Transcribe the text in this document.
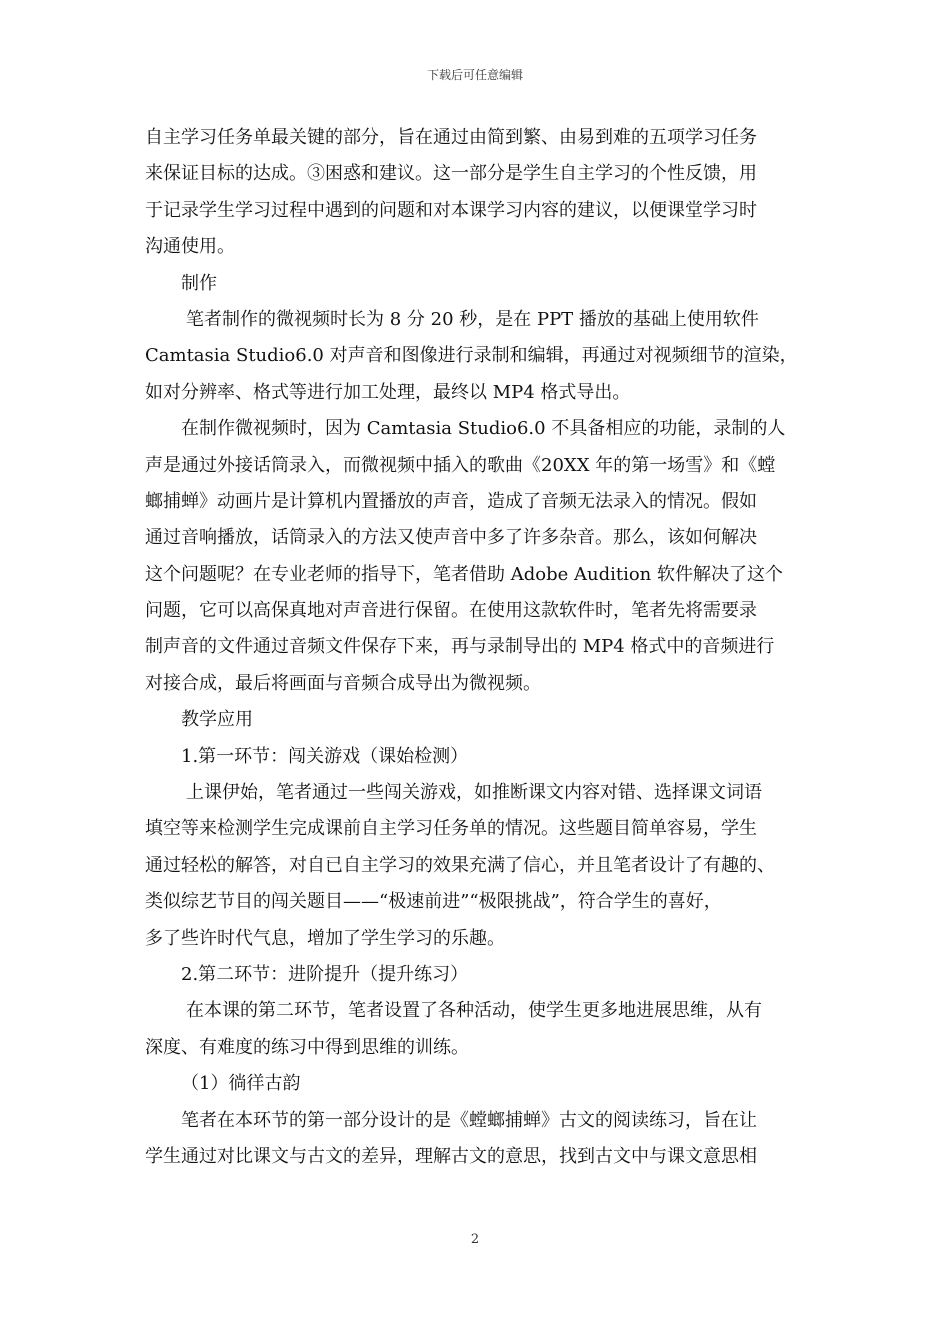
下载后可任意编辑
自主学习任务单最关键的部分，旨在通过由简到繁、由易到难的五项学习任务
来保证目标的达成。③困惑和建议。这一部分是学生自主学习的个性反馈，用
于记录学生学习过程中遇到的问题和对本课学习内容的建议，以便课堂学习时
沟通使用。
制作
笔者制作的微视频时长为 8 分 20 秒，是在 PPT 播放的基础上使用软件
Camtasia Studio6.0 对声音和图像进行录制和编辑，再通过对视频细节的渲染，
如对分辨率、格式等进行加工处理，最终以 MP4 格式导出。
在制作微视频时，因为 Camtasia Studio6.0 不具备相应的功能，录制的人
声是通过外接话筒录入，而微视频中插入的歌曲《20XX 年的第一场雪》和《螳
螂捕蝉》动画片是计算机内置播放的声音，造成了音频无法录入的情况。假如
通过音响播放，话筒录入的方法又使声音中多了许多杂音。那么，该如何解决
这个问题呢？在专业老师的指导下，笔者借助 Adobe Audition 软件解决了这个
问题，它可以高保真地对声音进行保留。在使用这款软件时，笔者先将需要录
制声音的文件通过音频文件保存下来，再与录制导出的 MP4 格式中的音频进行
对接合成，最后将画面与音频合成导出为微视频。
教学应用
1.第一环节：闯关游戏（课始检测）
上课伊始，笔者通过一些闯关游戏，如推断课文内容对错、选择课文词语
填空等来检测学生完成课前自主学习任务单的情况。这些题目简单容易，学生
通过轻松的解答，对自已自主学习的效果充满了信心，并且笔者设计了有趣的、
类似综艺节目的闯关题目——“极速前进”“极限挑战”，符合学生的喜好，
多了些许时代气息，增加了学生学习的乐趣。
2.第二环节：进阶提升（提升练习）
在本课的第二环节，笔者设置了各种活动，使学生更多地进展思维，从有
深度、有难度的练习中得到思维的训练。
（1）徜徉古韵
笔者在本环节的第一部分设计的是《螳螂捕蝉》古文的阅读练习，旨在让
学生通过对比课文与古文的差异，理解古文的意思，找到古文中与课文意思相
2
